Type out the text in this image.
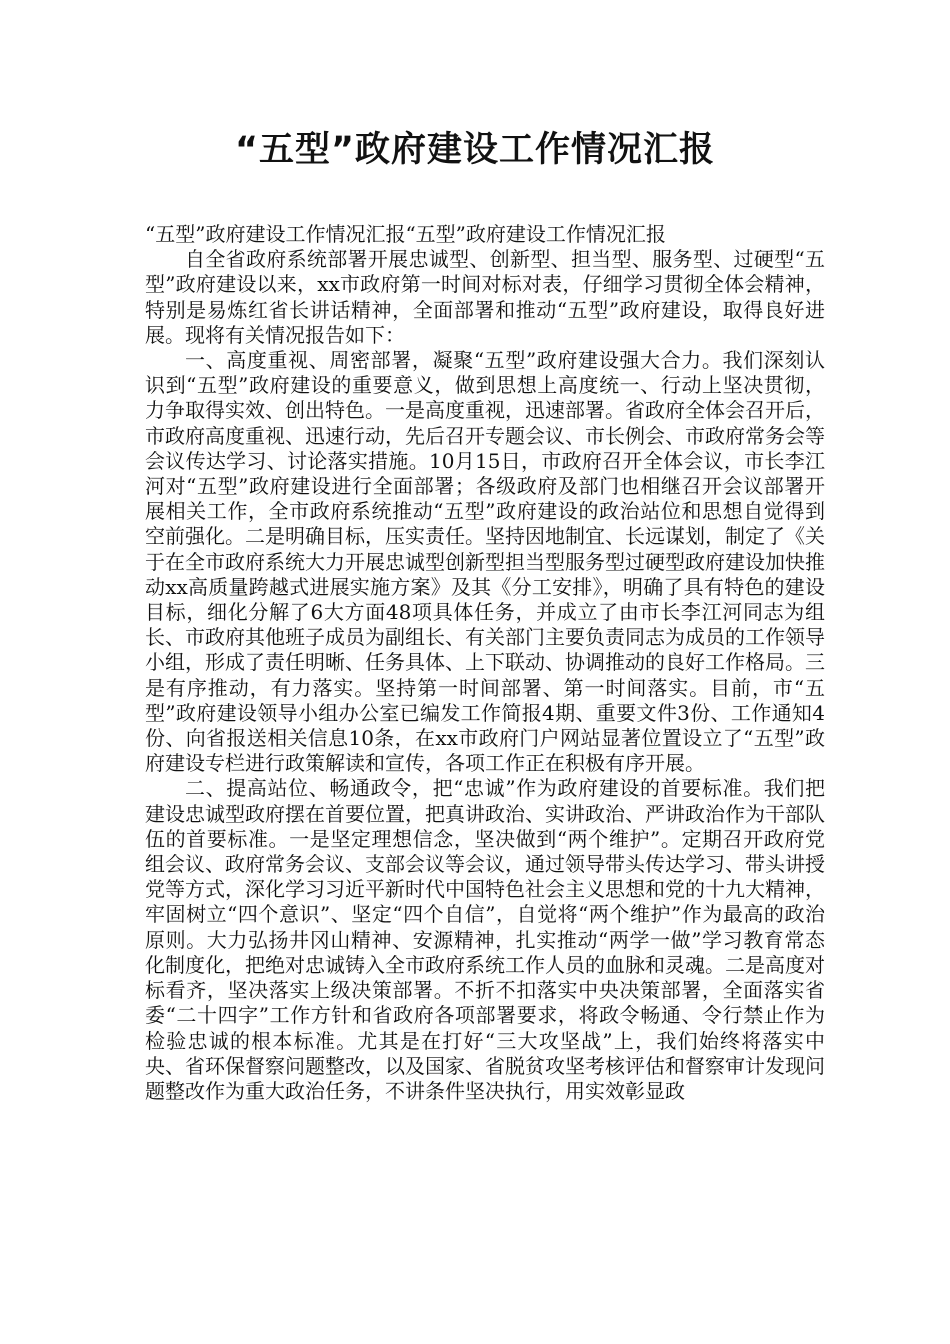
“五型”政府建设工作情况汇报

“五型”政府建设工作情况汇报“五型”政府建设工作情况汇报

自全省政府系统部署开展忠诚型、创新型、担当型、服务型、过硬型“五型”政府建设以来，xx市政府第一时间对标对表，仔细学习贯彻全体会精神，特别是易炼红省长讲话精神，全面部署和推动“五型”政府建设，取得良好进展。现将有关情况报告如下：

一、高度重视、周密部署，凝聚“五型”政府建设强大合力。我们深刻认识到“五型”政府建设的重要意义，做到思想上高度统一、行动上坚决贯彻，力争取得实效、创出特色。一是高度重视，迅速部署。省政府全体会召开后，市政府高度重视、迅速行动，先后召开专题会议、市长例会、市政府常务会等会议传达学习、讨论落实措施。10月15日，市政府召开全体会议，市长李江河对“五型”政府建设进行全面部署；各级政府及部门也相继召开会议部署开展相关工作，全市政府系统推动“五型”政府建设的政治站位和思想自觉得到空前强化。二是明确目标，压实责任。坚持因地制宜、长远谋划，制定了《关于在全市政府系统大力开展忠诚型创新型担当型服务型过硬型政府建设加快推动xx高质量跨越式进展实施方案》及其《分工安排》，明确了具有特色的建设目标，细化分解了6大方面48项具体任务，并成立了由市长李江河同志为组长、市政府其他班子成员为副组长、有关部门主要负责同志为成员的工作领导小组，形成了责任明晰、任务具体、上下联动、协调推动的良好工作格局。三是有序推动，有力落实。坚持第一时间部署、第一时间落实。目前，市“五型”政府建设领导小组办公室已编发工作简报4期、重要文件3份、工作通知4份、向省报送相关信息10条，在xx市政府门户网站显著位置设立了“五型”政府建设专栏进行政策解读和宣传，各项工作正在积极有序开展。

二、提高站位、畅通政令，把“忠诚”作为政府建设的首要标准。我们把建设忠诚型政府摆在首要位置，把真讲政治、实讲政治、严讲政治作为干部队伍的首要标准。一是坚定理想信念，坚决做到“两个维护”。定期召开政府党组会议、政府常务会议、支部会议等会议，通过领导带头传达学习、带头讲授党等方式，深化学习习近平新时代中国特色社会主义思想和党的十九大精神，牢固树立“四个意识”、坚定“四个自信”，自觉将“两个维护”作为最高的政治原则。大力弘扬井冈山精神、安源精神，扎实推动“两学一做”学习教育常态化制度化，把绝对忠诚铸入全市政府系统工作人员的血脉和灵魂。二是高度对标看齐，坚决落实上级决策部署。不折不扣落实中央决策部署，全面落实省委“二十四字”工作方针和省政府各项部署要求，将政令畅通、令行禁止作为检验忠诚的根本标准。尤其是在打好“三大攻坚战”上，我们始终将落实中央、省环保督察问题整改，以及国家、省脱贫攻坚考核评估和督察审计发现问题整改作为重大政治任务，不讲条件坚决执行，用实效彰显政
